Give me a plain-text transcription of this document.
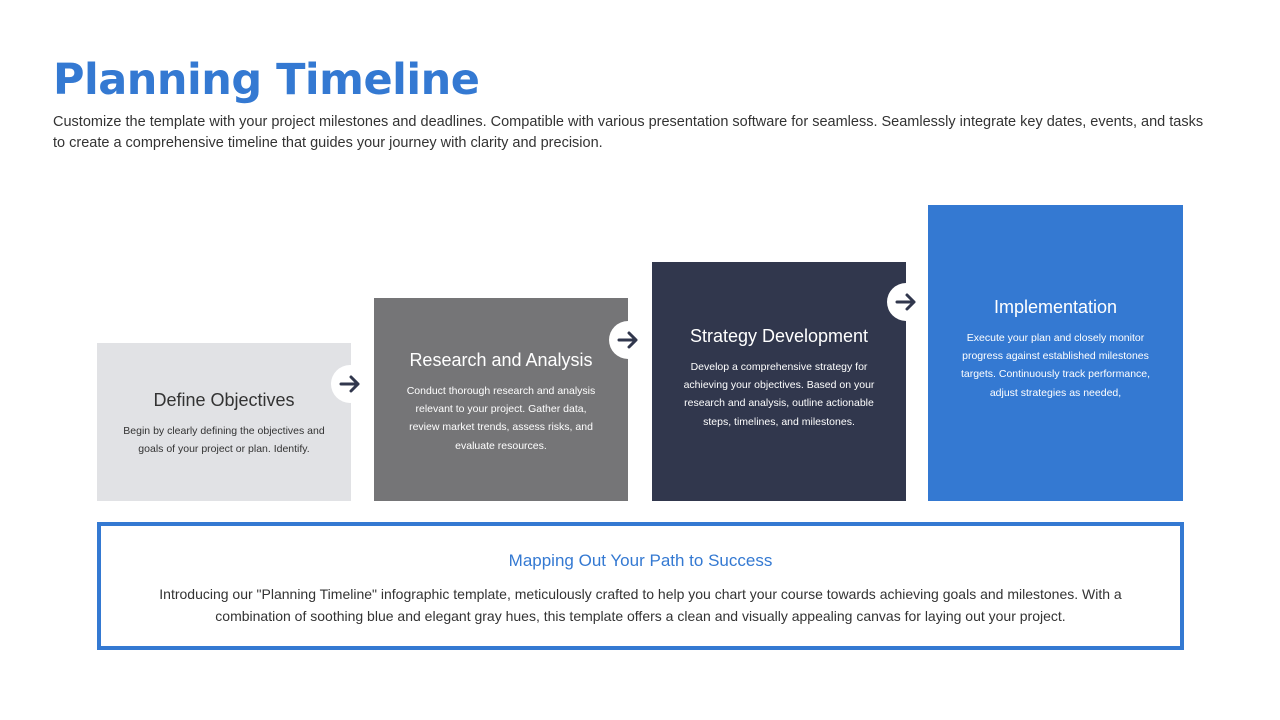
Planning Timeline

Customize the template with your project milestones and deadlines. Compatible with various presentation software for seamless. Seamlessly integrate key dates, events, and tasks to create a comprehensive timeline that guides your journey with clarity and precision.

Define Objectives
Begin by clearly defining the objectives and goals of your project or plan. Identify.
Research and Analysis
Conduct thorough research and analysis relevant to your project. Gather data, review market trends, assess risks, and evaluate resources.
Strategy Development
Develop a comprehensive strategy for achieving your objectives. Based on your research and analysis, outline actionable steps, timelines, and milestones.
Implementation
Execute your plan and closely monitor progress against established milestones targets. Continuously track performance, adjust strategies as needed,
Mapping Out Your Path to Success
Introducing our "Planning Timeline" infographic template, meticulously crafted to help you chart your course towards achieving goals and milestones. With a combination of soothing blue and elegant gray hues, this template offers a clean and visually appealing canvas for laying out your project.
